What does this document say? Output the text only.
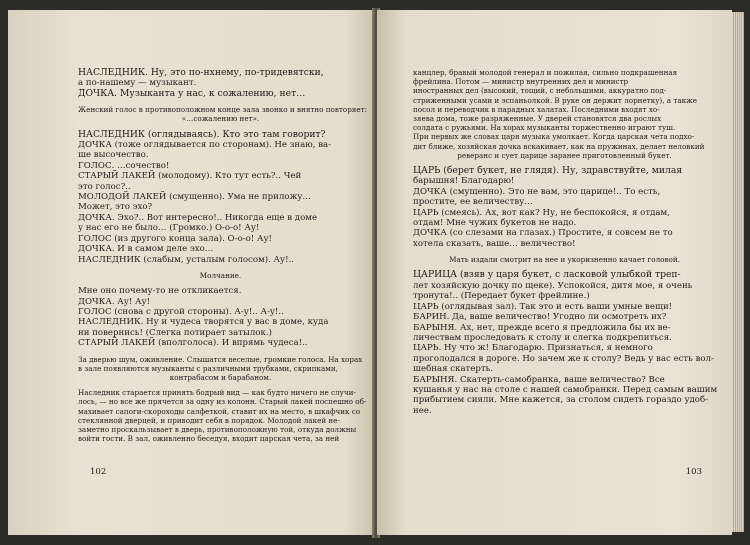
НАСЛЕДНИК. Ну, это по-нхнему, по-тридевятски,
а по-нашему — музыкант.
ДОЧКА. Музыканта у нас, к сожалению, нет…
Женский голос в противоположном конце зала звонко и внятно повторяет:
«…сожалению нет».
НАСЛЕДНИК (оглядываясь). Кто это там говорит?
ДОЧКА (тоже оглядывается по сторонам). Не знаю, ва-
ше высочество.
ГОЛОС. …сочество!
СТАРЫЙ ЛАКЕЙ (молодому). Кто тут есть?.. Чей
это голос?..
МОЛОДОЙ ЛАКЕЙ (смущенно). Ума не приложу…
Может, это эхо?
ДОЧКА. Эхо?.. Вот интересно!.. Никогда еще в доме
у нас его не было… (Громко.) О-о-о! Ау!
ГОЛОС (из другого конца зала). О-о-о! Ау!
ДОЧКА. И в самом деле эхо…
НАСЛЕДНИК (слабым, усталым голосом). Ау!..
Молчание.
Мне оно почему-то не откликается.
ДОЧКА. Ау! Ау!
ГОЛОС (снова с другой стороны). А-у!.. А-у!..
НАСЛЕДНИК. Ну и чудеса творятся у вас в доме, куда
ни повернись! (Слегка потирает затылок.)
СТАРЫЙ ЛАКЕЙ (вполголоса). И впрямь чудеса!..
За дверью шум, оживление. Слышатся веселые, громкие голоса. На хорах
в зале появляются музыканты с различными трубками, скрипками,
контрабасом и барабаном.
Наследник старается принять бодрый вид — как будто ничего не случи-
лось, — но все же прячется за одну из колонн. Старый лакей поспешно об-
махивает сапоги-скороходы салфеткой, ставит их на место, в шкафчик со
стеклянной дверцей, и приводит себя в порядок. Молодой лакей не-
заметно проскальзывает в дверь, противоположную той, откуда должны
войти гости. В зал, оживленно беседуя, входит царская чета, за ней
102
канцлер, бравый молодой генерал и пожилая, сильно подкрашенная
фрейлина. Потом — министр внутренних дел и министр
иностранных дел (высокий, тощий, с небольшими, аккуратно под-
стриженными усами и эспаньолкой. В руке он держит лорнетку), а также
посол и переводчик в парадных халатах. Последними входят хо-
зяева дома, тоже разряженные. У дверей становятся два рослых
солдата с ружьями. На хорах музыканты торжественно играют туш.
При первых же словах царя музыка умолкает. Когда царская чета подхо-
дит ближе, хозяйская дочка вскакивает, как на пружинах, делает неловкий
реверанс и сует царице заранее приготовленный букет.
ЦАРЬ (берет букет, не глядя). Ну, здравствуйте, милая
барышня! Благодарю!
ДОЧКА (смущенно). Это не вам, это царице!.. То есть,
простите, ее величеству…
ЦАРЬ (смеясь). Ах, вот как? Ну, не беспокойся, я отдам,
отдам! Мне чужих букетов не надо.
ДОЧКА (со слезами на глазах.) Простите, я совсем не то
хотела сказать, ваше… величество!
Мать издали смотрит на нее и укоризненно качает головой.
ЦАРИЦА (взяв у царя букет, с ласковой улыбкой треп-
лет хозяйскую дочку по щеке). Успокойся, дитя мое, я очень
тронута!.. (Передает букет фрейлине.)
ЦАРЬ (оглядывая зал). Так это и есть ваши умные вещи!
БАРИН. Да, ваше величество! Угодно ли осмотреть их?
БАРЫНЯ. Ах, нет, прежде всего я предложила бы их ве-
личествам проследовать к столу и слегка подкрепиться.
ЦАРЬ. Ну что ж! Благодарю. Признаться, я немного
проголодался в дороге. Но зачем же к столу? Ведь у вас есть вол-
шебная скатерть.
БАРЫНЯ. Скатерть-самобранка, ваше величество? Все
кушанья у нас на столе с нашей самобранки. Перед самым вашим
прибытием сияли. Мне кажется, за столом сидеть гораздо удоб-
нее.
103
